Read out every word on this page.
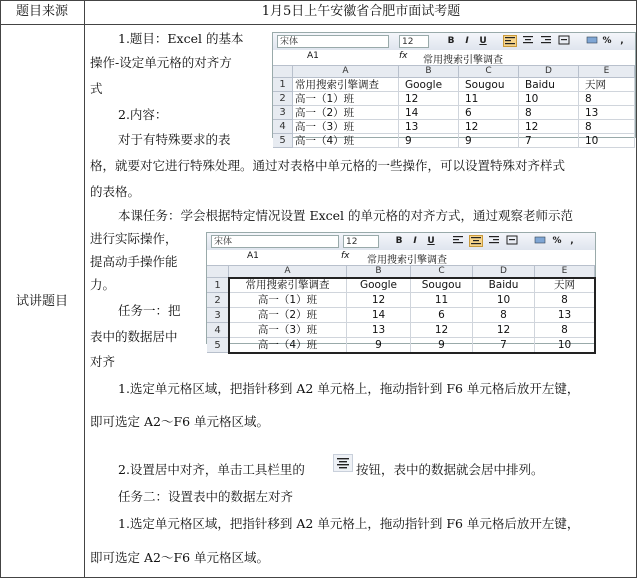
题目来源	1月5日上午安徽省合肥市面试考题
试讲题目
1.题目：Excel 的基本
操作-设定单元格的对齐方
式
2.内容：
对于有特殊要求的表
格，就要对它进行特殊处理。通过对表格中单元格的一些操作，可以设置特殊对齐样式
的表格。
本课任务：学会根据特定情况设置 Excel 的单元格的对齐方式，通过观察老师示范
进行实际操作，
提高动手操作能
力。
任务一：把
表中的数据居中
对齐
1.选定单元格区域，把指针移到 A2 单元格上，拖动指针到 F6 单元格后放开左键，
即可选定 A2～F6 单元格区域。
2.设置居中对齐，单击工具栏里的	按钮，表中的数据就会居中排列。
任务二：设置表中的数据左对齐
1.选定单元格区域，把指针移到 A2 单元格上，拖动指针到 F6 单元格后放开左键，
即可选定 A2～F6 单元格区域。
宋体	12	B	I	U	% ,
A1	fx 常用搜索引擎调查
A	B	C	D	E
1 常用搜索引擎调查	Google	Sougou	Baidu	天网
2 高一（1）班	12	11	10	8
3 高一（2）班	14	6	8	13
4 高一（3）班	13	12	12	8
5 高一（4）班	9	9	7	10
宋体	12	B	I	U	% ,
A1	fx 常用搜索引擎调查
A	B	C	D	E
1	常用搜索引擎调查	Google	Sougou	Baidu	天网
2	高一（1）班	12	11	10	8
3	高一（2）班	14	6	8	13
4	高一（3）班	13	12	12	8
5	高一（4）班	9	9	7	10
